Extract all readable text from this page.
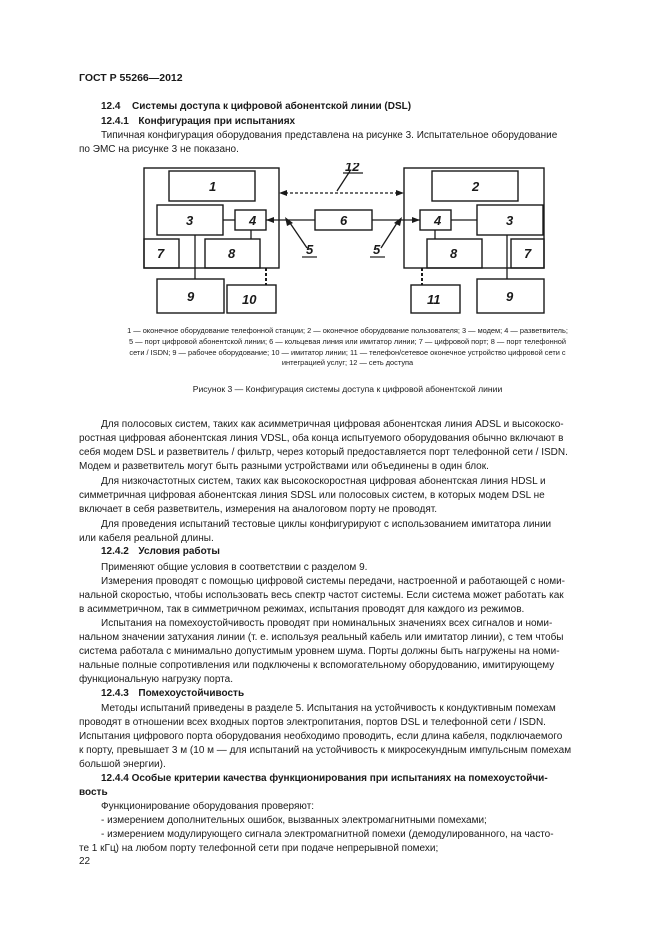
ГОСТ Р 55266—2012
12.4 Системы доступа к цифровой абонентской линии (DSL)
12.4.1 Конфигурация при испытаниях
Типичная конфигурация оборудования представлена на рисунке 3. Испытательное оборудование
по ЭМС на рисунке 3 не показано.
1	2
3	3
4	4
6
7	7
8	8
9	9
10	11
12
5	5
1 — оконечное оборудование телефонной станции; 2 — оконечное оборудование пользователя; 3 — модем; 4 — разветвитель;
5 — порт цифровой абонентской линии; 6 — кольцевая линия или имитатор линии; 7 — цифровой порт; 8 — порт телефонной
сети / ISDN; 9 — рабочее оборудование; 10 — имитатор линии; 11 — телефон/сетевое оконечное устройство цифровой сети с
интеграцией услуг; 12 — сеть доступа
Рисунок 3 — Конфигурация системы доступа к цифровой абонентской линии
Для полосовых систем, таких как асимметричная цифровая абонентская линия ADSL и высокоско-
ростная цифровая абонентская линия VDSL, оба конца испытуемого оборудования обычно включают в
себя модем DSL и разветвитель / фильтр, через который предоставляется порт телефонной сети / ISDN.
Модем и разветвитель могут быть разными устройствами или объединены в один блок.
Для низкочастотных систем, таких как высокоскоростная цифровая абонентская линия HDSL и
симметричная цифровая абонентская линия SDSL или полосовых систем, в которых модем DSL не
включает в себя разветвитель, измерения на аналоговом порту не проводят.
Для проведения испытаний тестовые циклы конфигурируют с использованием имитатора линии
или кабеля реальной длины.
12.4.2 Условия работы
Применяют общие условия в соответствии с разделом 9.
Измерения проводят с помощью цифровой системы передачи, настроенной и работающей с номи-
нальной скоростью, чтобы использовать весь спектр частот системы. Если система может работать как
в асимметричном, так в симметричном режимах, испытания проводят для каждого из режимов.
Испытания на помехоустойчивость проводят при номинальных значениях всех сигналов и номи-
нальном значении затухания линии (т. е. используя реальный кабель или имитатор линии), с тем чтобы
система работала с минимально допустимым уровнем шума. Порты должны быть нагружены на номи-
нальные полные сопротивления или подключены к вспомогательному оборудованию, имитирующему
функциональную нагрузку порта.
12.4.3 Помехоустойчивость
Методы испытаний приведены в разделе 5. Испытания на устойчивость к кондуктивным помехам
проводят в отношении всех входных портов электропитания, портов DSL и телефонной сети / ISDN.
Испытания цифрового порта оборудования необходимо проводить, если длина кабеля, подключаемого
к порту, превышает 3 м (10 м — для испытаний на устойчивость к микросекундным импульсным помехам
большой энергии).
12.4.4 Особые критерии качества функционирования при испытаниях на помехоустойчи-
вость
Функционирование оборудования проверяют:
- измерением дополнительных ошибок, вызванных электромагнитными помехами;
- измерением модулирующего сигнала электромагнитной помехи (демодулированного, на часто-
те 1 кГц) на любом порту телефонной сети при подаче непрерывной помехи;
22
